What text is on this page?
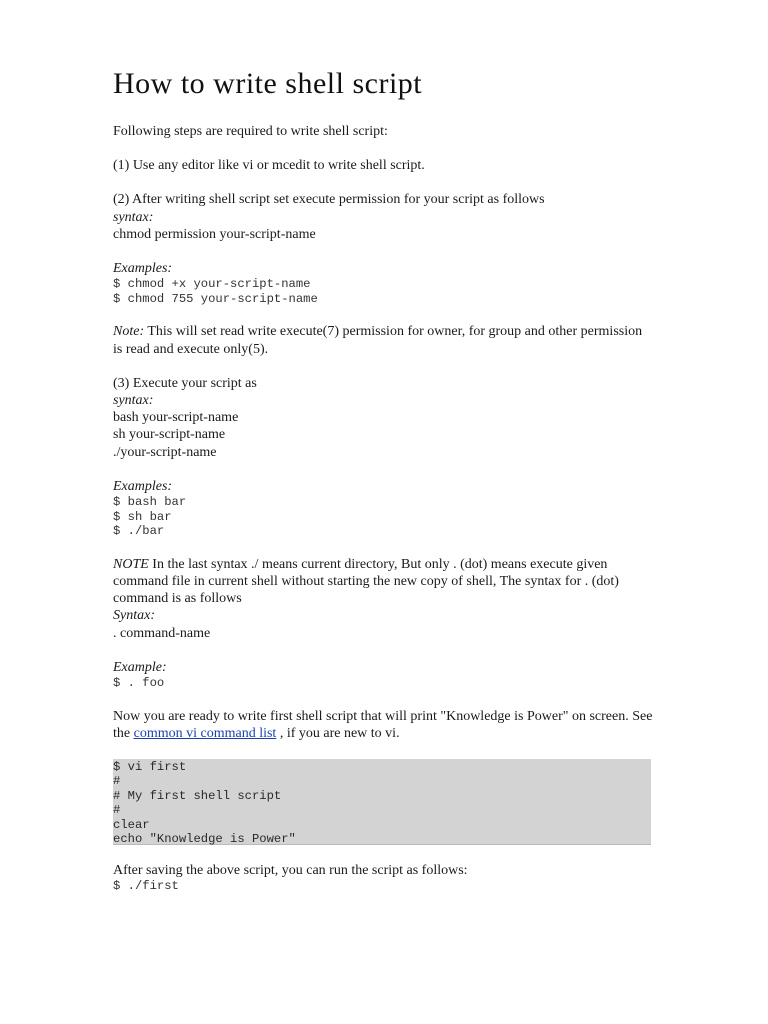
How to write shell script

Following steps are required to write shell script:

(1) Use any editor like vi or mcedit to write shell script.

(2) After writing shell script set execute permission for your script as follows

syntax:

chmod permission your-script-name

Examples:

$ chmod +x your-script-name
$ chmod 755 your-script-name

Note: This will set read write execute(7) permission for owner, for group and other permission is read and execute only(5).

(3) Execute your script as

syntax:

bash your-script-name

sh your-script-name

./your-script-name

Examples:

$ bash bar
$ sh bar
$ ./bar

NOTE In the last syntax ./ means current directory, But only . (dot) means execute given command file in current shell without starting the new copy of shell, The syntax for . (dot) command is as follows

Syntax:

. command-name

Example:

$ . foo

Now you are ready to write first shell script that will print "Knowledge is Power" on screen. See the common vi command list , if you are new to vi.

$ vi first
#
# My first shell script
#
clear
echo "Knowledge is Power"

After saving the above script, you can run the script as follows:

$ ./first
